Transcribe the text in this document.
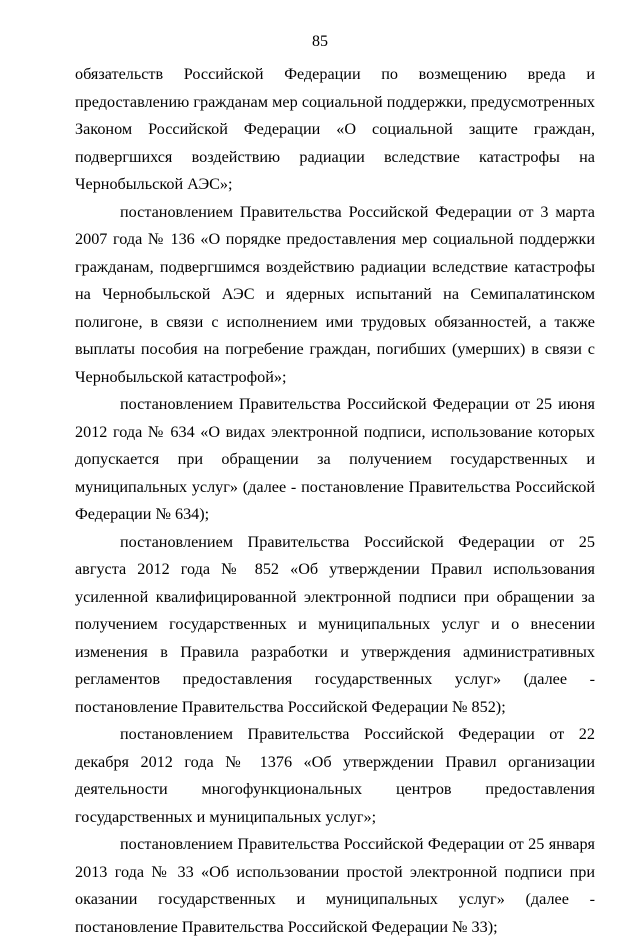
85

обязательств Российской Федерации по возмещению вреда и предоставлению гражданам мер социальной поддержки, предусмотренных Законом Российской Федерации «О социальной защите граждан, подвергшихся воздействию радиации вследствие катастрофы на Чернобыльской АЭС»;

постановлением Правительства Российской Федерации от 3 марта 2007 года № 136 «О порядке предоставления мер социальной поддержки гражданам, подвергшимся воздействию радиации вследствие катастрофы на Чернобыльской АЭС и ядерных испытаний на Семипалатинском полигоне, в связи с исполнением ими трудовых обязанностей, а также выплаты пособия на погребение граждан, погибших (умерших) в связи с Чернобыльской катастрофой»;

постановлением Правительства Российской Федерации от 25 июня 2012 года № 634 «О видах электронной подписи, использование которых допускается при обращении за получением государственных и муниципальных услуг» (далее - постановление Правительства Российской Федерации № 634);

постановлением Правительства Российской Федерации от 25 августа 2012 года № 852 «Об утверждении Правил использования усиленной квалифицированной электронной подписи при обращении за получением государственных и муниципальных услуг и о внесении изменения в Правила разработки и утверждения административных регламентов предоставления государственных услуг» (далее - постановление Правительства Российской Федерации № 852);

постановлением Правительства Российской Федерации от 22 декабря 2012 года № 1376 «Об утверждении Правил организации деятельности многофункциональных центров предоставления государственных и муниципальных услуг»;

постановлением Правительства Российской Федерации от 25 января 2013 года № 33 «Об использовании простой электронной подписи при оказании государственных и муниципальных услуг» (далее - постановление Правительства Российской Федерации № 33);
